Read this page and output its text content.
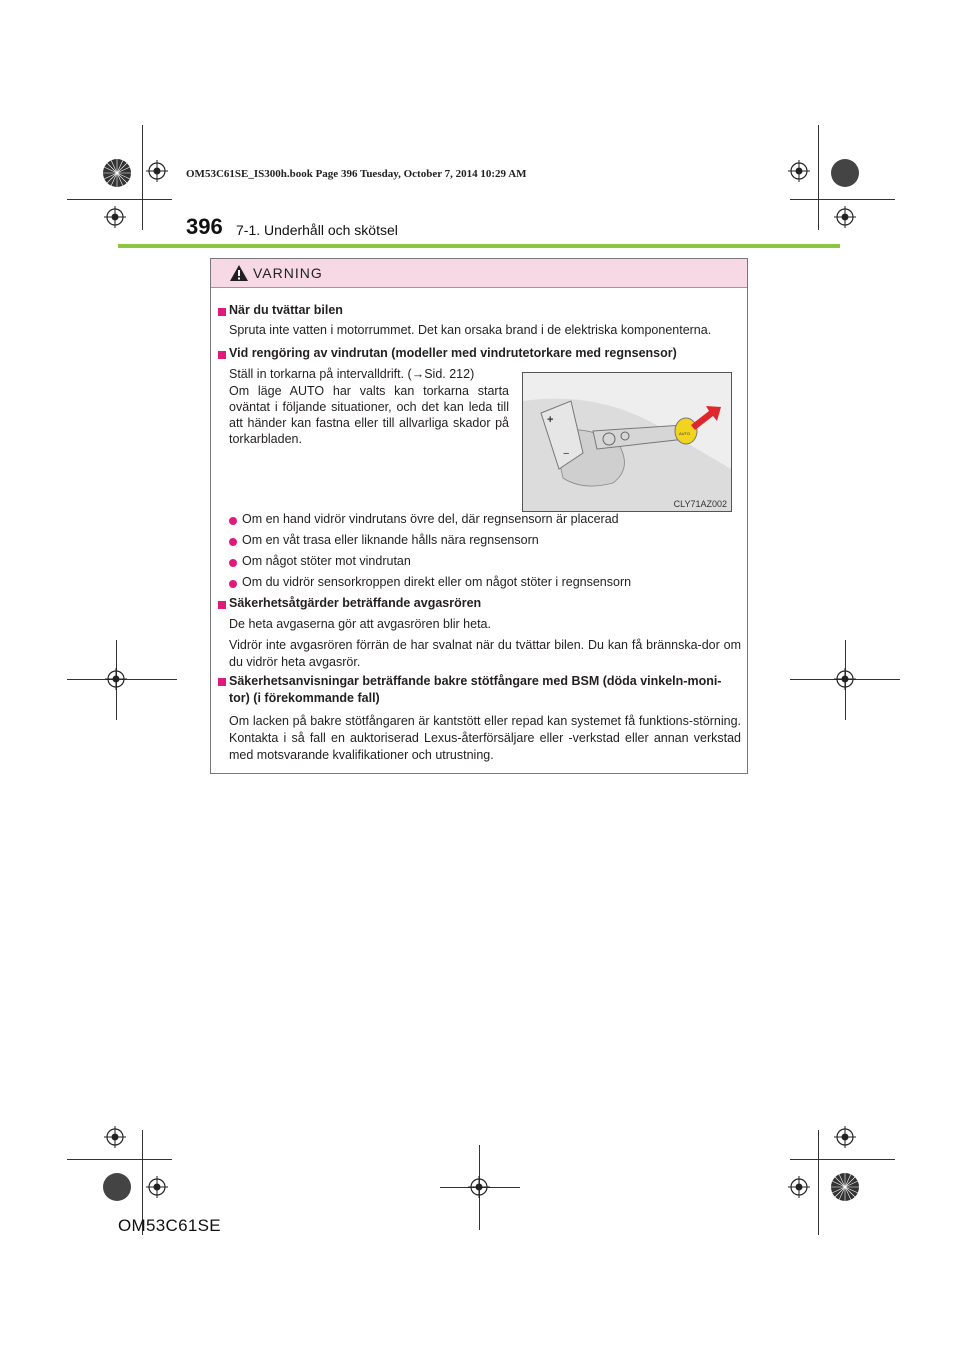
OM53C61SE_IS300h.book Page 396 Tuesday, October 7, 2014 10:29 AM
396 7-1. Underhåll och skötsel
VARNING
När du tvättar bilen
Spruta inte vatten i motorrummet. Det kan orsaka brand i de elektriska komponenterna.
Vid rengöring av vindrutan (modeller med vindrutetorkare med regnsensor)
Ställ in torkarna på intervalldrift. (→Sid. 212)
Om läge AUTO har valts kan torkarna starta oväntat i följande situationer, och det kan leda till att händer kan fastna eller till allvarliga skador på torkarbladen.
Om en hand vidrör vindrutans övre del, där regnsensorn är placerad
Om en våt trasa eller liknande hålls nära regnsensorn
Om något stöter mot vindrutan
Om du vidrör sensorkroppen direkt eller om något stöter i regnsensorn
Säkerhetsåtgärder beträffande avgasrören
De heta avgaserna gör att avgasrören blir heta.
Vidrör inte avgasrören förrän de har svalnat när du tvättar bilen. Du kan få brännska-dor om du vidrör heta avgasrör.
Säkerhetsanvisningar beträffande bakre stötfångare med BSM (döda vinkeln-moni-tor) (i förekommande fall)
Om lacken på bakre stötfångaren är kantstött eller repad kan systemet få funktions-störning. Kontakta i så fall en auktoriserad Lexus-återförsäljare eller -verkstad eller annan verkstad med motsvarande kvalifikationer och utrustning.
+
−
AUTO
CLY71AZ002
OM53C61SE
